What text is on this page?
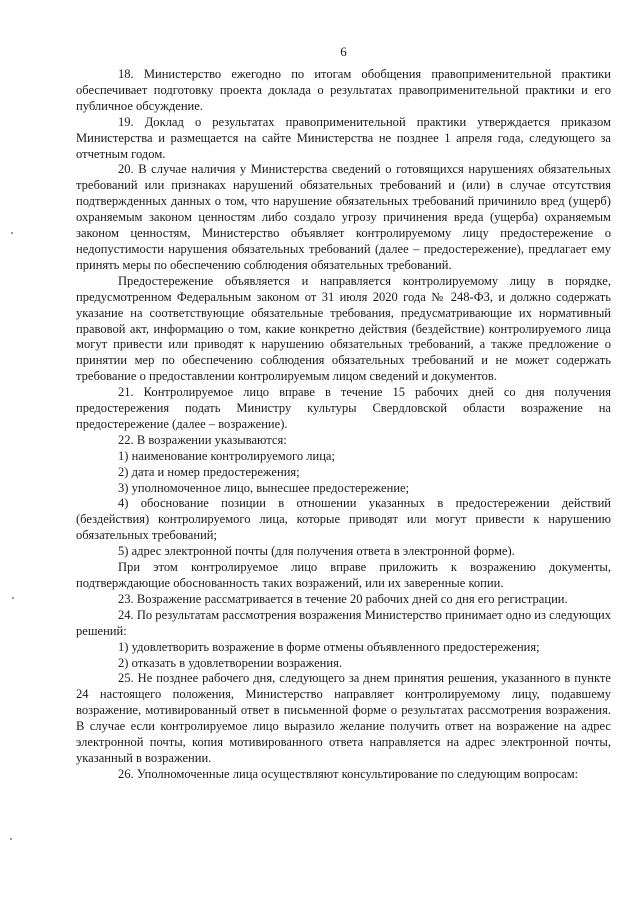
6

18. Министерство ежегодно по итогам обобщения правоприменительной практики обеспечивает подготовку проекта доклада о результатах правоприменительной практики и его публичное обсуждение.

19. Доклад о результатах правоприменительной практики утверждается приказом Министерства и размещается на сайте Министерства не позднее 1 апреля года, следующего за отчетным годом.

20. В случае наличия у Министерства сведений о готовящихся нарушениях обязательных требований или признаках нарушений обязательных требований и (или) в случае отсутствия подтвержденных данных о том, что нарушение обязательных требований причинило вред (ущерб) охраняемым законом ценностям либо создало угрозу причинения вреда (ущерба) охраняемым законом ценностям, Министерство объявляет контролируемому лицу предостережение о недопустимости нарушения обязательных требований (далее – предостережение), предлагает ему принять меры по обеспечению соблюдения обязательных требований.

Предостережение объявляется и направляется контролируемому лицу в порядке, предусмотренном Федеральным законом от 31 июля 2020 года № 248-ФЗ, и должно содержать указание на соответствующие обязательные требования, предусматривающие их нормативный правовой акт, информацию о том, какие конкретно действия (бездействие) контролируемого лица могут привести или приводят к нарушению обязательных требований, а также предложение о принятии мер по обеспечению соблюдения обязательных требований и не может содержать требование о предоставлении контролируемым лицом сведений и документов.

21. Контролируемое лицо вправе в течение 15 рабочих дней со дня получения предостережения подать Министру культуры Свердловской области возражение на предостережение (далее – возражение).

22. В возражении указываются:

1) наименование контролируемого лица;

2) дата и номер предостережения;

3) уполномоченное лицо, вынесшее предостережение;

4) обоснование позиции в отношении указанных в предостережении действий (бездействия) контролируемого лица, которые приводят или могут привести к нарушению обязательных требований;

5) адрес электронной почты (для получения ответа в электронной форме).

При этом контролируемое лицо вправе приложить к возражению документы, подтверждающие обоснованность таких возражений, или их заверенные копии.

23. Возражение рассматривается в течение 20 рабочих дней со дня его регистрации.

24. По результатам рассмотрения возражения Министерство принимает одно из следующих решений:

1) удовлетворить возражение в форме отмены объявленного предостережения;

2) отказать в удовлетворении возражения.

25. Не позднее рабочего дня, следующего за днем принятия решения, указанного в пункте 24 настоящего положения, Министерство направляет контролируемому лицу, подавшему возражение, мотивированный ответ в письменной форме о результатах рассмотрения возражения. В случае если контролируемое лицо выразило желание получить ответ на возражение на адрес электронной почты, копия мотивированного ответа направляется на адрес электронной почты, указанный в возражении.

26. Уполномоченные лица осуществляют консультирование по следующим вопросам:
